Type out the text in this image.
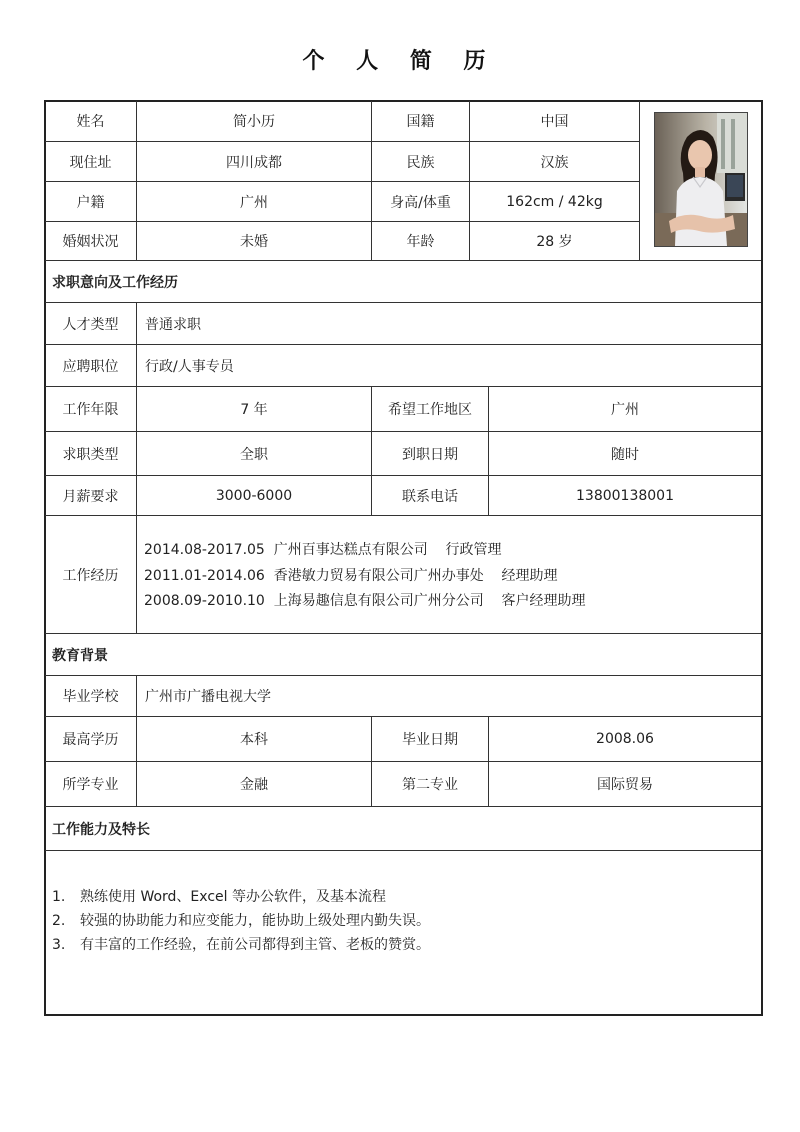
个 人 简 历
姓名	简小历	国籍	中国
现住址	四川成都	民族	汉族
户籍	广州	身高/体重	162cm / 42kg
婚姻状况	未婚	年龄	28 岁
求职意向及工作经历
人才类型	普通求职
应聘职位	行政/人事专员
工作年限	7 年	希望工作地区	广州
求职类型	全职	到职日期	随时
月薪要求	3000-6000	联系电话	13800138001
工作经历
2014.08-2017.05  广州百事达糕点有限公司    行政管理
2011.01-2014.06  香港敏力贸易有限公司广州办事处    经理助理
2008.09-2010.10  上海易趣信息有限公司广州分公司    客户经理助理
教育背景
毕业学校	广州市广播电视大学
最高学历	本科	毕业日期	2008.06
所学专业	金融	第二专业	国际贸易
工作能力及特长
1.	熟练使用 Word、Excel 等办公软件，及基本流程
2.	较强的协助能力和应变能力，能协助上级处理内勤失误。
3.	有丰富的工作经验，在前公司都得到主管、老板的赞赏。
